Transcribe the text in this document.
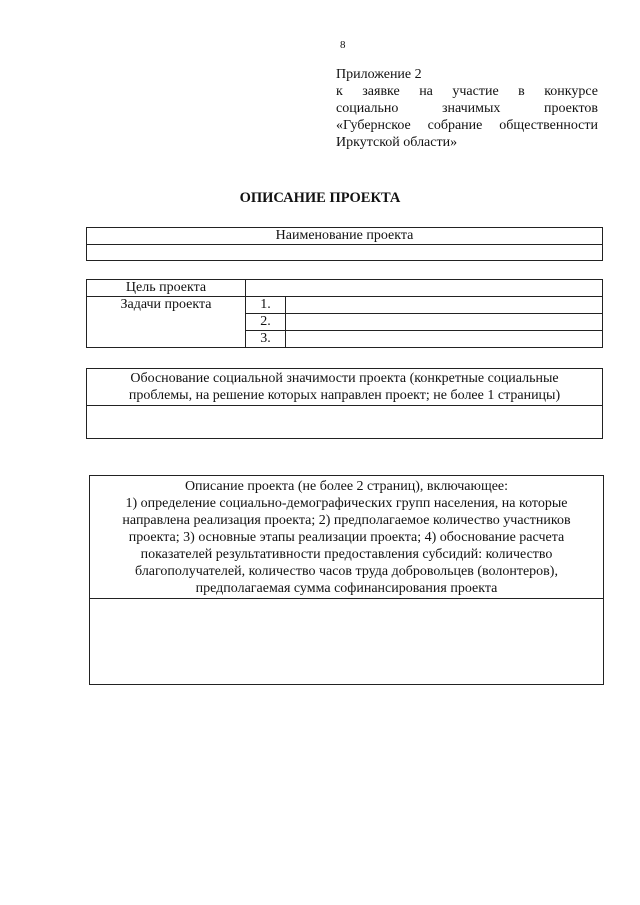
8
Приложение 2
к заявке на участие в конкурсе
социально значимых проектов
«Губернское собрание общественности
Иркутской области»
ОПИСАНИЕ ПРОЕКТА
Наименование проекта

Цель проекта		
Задачи проекта	1.	
	2.	
	3.	
Обоснование социальной значимости проекта (конкретные социальные
проблемы, на решение которых направлен проект; не более 1 страницы)

Описание проекта (не более 2 страниц), включающее:
1) определение социально-демографических групп населения, на которые
направлена реализация проекта; 2) предполагаемое количество участников
проекта; 3) основные этапы реализации проекта; 4) обоснование расчета
показателей результативности предоставления субсидий: количество
благополучателей, количество часов труда добровольцев (волонтеров),
предполагаемая сумма софинансирования проекта
